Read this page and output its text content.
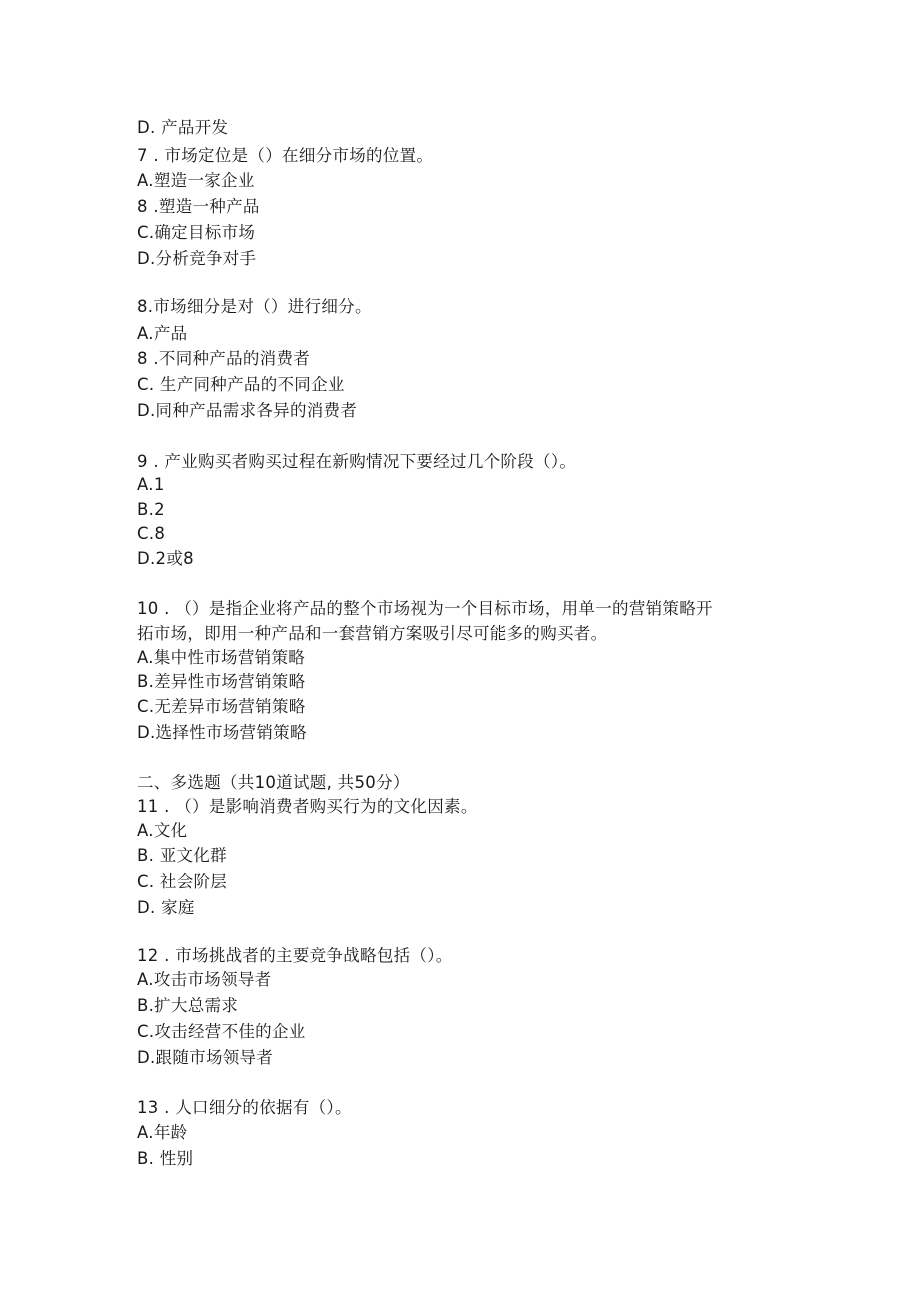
D. 产品开发
7 . 市场定位是（）在细分市场的位置。
A.塑造一家企业
8 .塑造一种产品
C.确定目标市场
D.分析竞争对手
8.市场细分是对（）进行细分。
A.产品
8 .不同种产品的消费者
C. 生产同种产品的不同企业
D.同种产品需求各异的消费者
9 . 产业购买者购买过程在新购情况下要经过几个阶段（）。
A.1
B.2
C.8
D.2或8
10 . （）是指企业将产品的整个市场视为一个目标市场，用单一的营销策略开
拓市场，即用一种产品和一套营销方案吸引尽可能多的购买者。
A.集中性市场营销策略
B.差异性市场营销策略
C.无差异市场营销策略
D.选择性市场营销策略
二、多选题（共10道试题, 共50分）
11 . （）是影响消费者购买行为的文化因素。
A.文化
B. 亚文化群
C. 社会阶层
D. 家庭
12 . 市场挑战者的主要竞争战略包括（）。
A.攻击市场领导者
B.扩大总需求
C.攻击经营不佳的企业
D.跟随市场领导者
13 . 人口细分的依据有（）。
A.年龄
B. 性别
